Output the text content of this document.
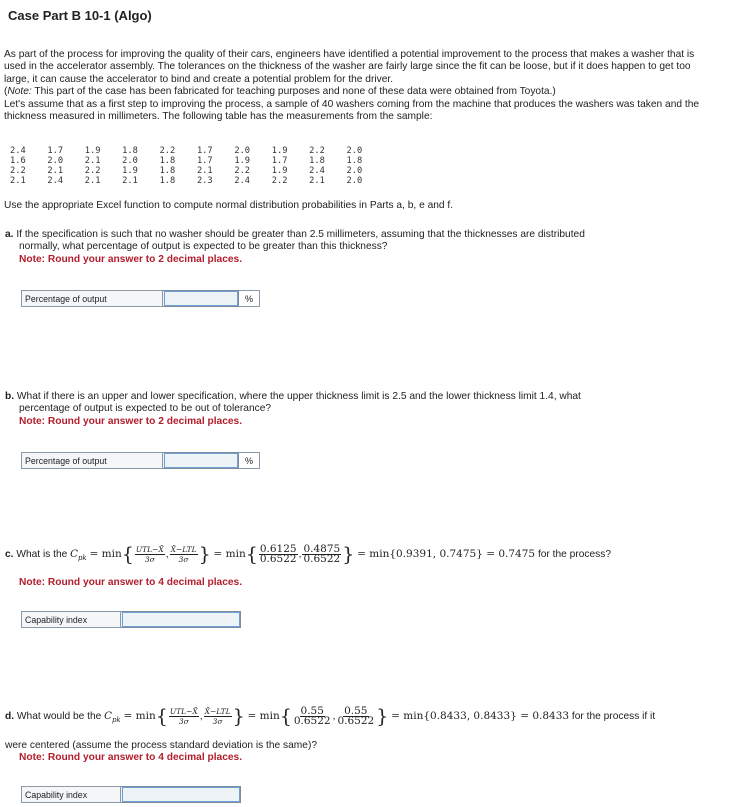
Case Part B 10-1 (Algo)

As part of the process for improving the quality of their cars, engineers have identified a potential improvement to the process that makes a washer that is used in the accelerator assembly. The tolerances on the thickness of the washer are fairly large since the fit can be loose, but if it does happen to get too large, it can cause the accelerator to bind and create a potential problem for the driver.
(Note: This part of the case has been fabricated for teaching purposes and none of these data were obtained from Toyota.)

Let's assume that as a first step to improving the process, a sample of 40 washers coming from the machine that produces the washers was taken and the thickness measured in millimeters. The following table has the measurements from the sample:

2.4	1.7	1.9	1.8	2.2	1.7	2.0	1.9	2.2	2.0
1.6	2.0	2.1	2.0	1.8	1.7	1.9	1.7	1.8	1.8
2.2	2.1	2.2	1.9	1.8	2.1	2.2	1.9	2.4	2.0
2.1	2.4	2.1	2.1	1.8	2.3	2.4	2.2	2.1	2.0
Use the appropriate Excel function to compute normal distribution probabilities in Parts a, b, e and f.
a. If the specification is such that no washer should be greater than 2.5 millimeters, assuming that the thicknesses are distributed
normally, what percentage of output is expected to be greater than this thickness?
Note: Round your answer to 2 decimal places.
Percentage of output	%
b. What if there is an upper and lower specification, where the upper thickness limit is 2.5 and the lower thickness limit 1.4, what
percentage of output is expected to be out of tolerance?
Note: Round your answer to 2 decimal places.
Percentage of output	%
c. What is the $C_{pk} = \min\{ \frac{\text{UTL−X̄}}{3\sigma}$ , $\frac{\text{X̄−LTL}}{3\sigma}$ } = $\min\{ \frac{0.6125}{0.6522}$ , $\frac{0.4875}{0.6522}$ } = min{0.9391, 0.7475} = 0.7475 for the process?
Note: Round your answer to 4 decimal places.
Capability index
d. What would be the $C_{pk} = \min\{ \frac{\text{UTL−X̄}}{3\sigma}$ , $\frac{\text{X̄−LTL}}{3\sigma}$ } = $\min\{ \frac{0.55}{0.6522}$ , $\frac{0.55}{0.6522}$ } = min{0.8433, 0.8433} = 0.8433 for the process if it
were centered (assume the process standard deviation is the same)?
Note: Round your answer to 4 decimal places.
Capability index
